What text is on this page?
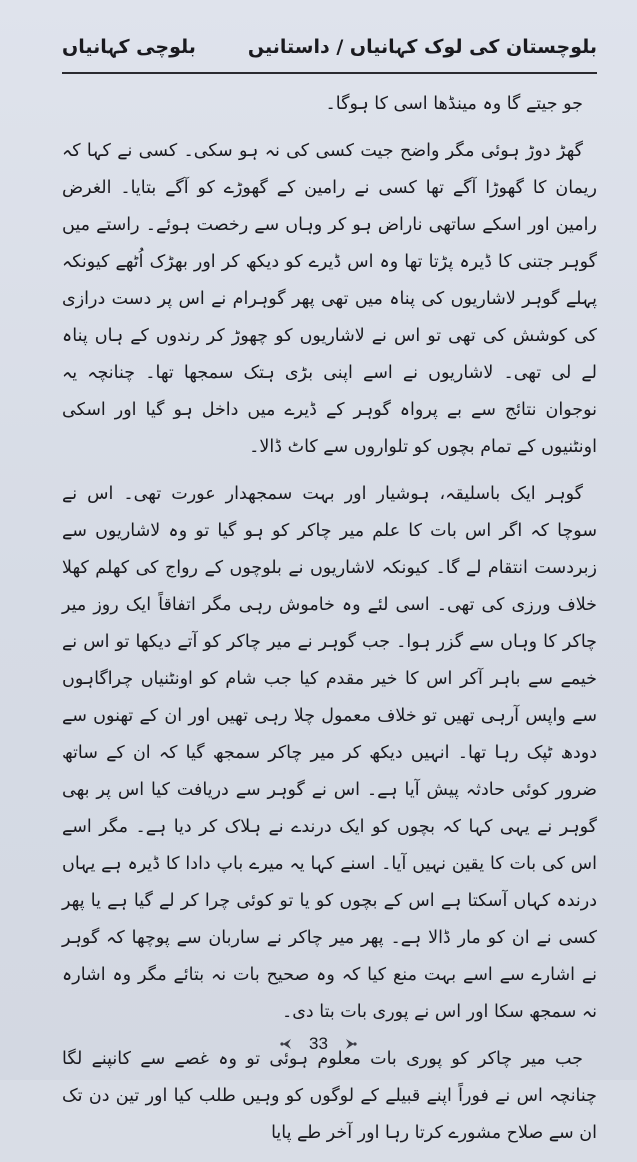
بلوچستان کی لوک کہانیاں / داستانیں
بلوچی کہانیاں

جو جیتے گا وہ مینڈھا اسی کا ہوگا۔

گھڑ دوڑ ہوئی مگر واضح جیت کسی کی نہ ہو سکی۔ کسی نے کہا کہ ریمان کا گھوڑا آگے تھا کسی نے رامین کے گھوڑے کو آگے بتایا۔ الغرض رامین اور اسکے ساتھی ناراض ہو کر وہاں سے رخصت ہوئے۔ راستے میں گوہر جتنی کا ڈیرہ پڑتا تھا وہ اس ڈیرے کو دیکھ کر اور بھڑک اُٹھے کیونکہ پہلے گوہر لاشاریوں کی پناہ میں تھی پھر گوہرام نے اس پر دست درازی کی کوشش کی تھی تو اس نے لاشاریوں کو چھوڑ کر رندوں کے ہاں پناہ لے لی تھی۔ لاشاریوں نے اسے اپنی بڑی ہتک سمجھا تھا۔ چنانچہ یہ نوجوان نتائج سے بے پرواہ گوہر کے ڈیرے میں داخل ہو گیا اور اسکی اونٹنیوں کے تمام بچوں کو تلواروں سے کاٹ ڈالا۔

گوہر ایک باسلیقہ، ہوشیار اور بہت سمجھدار عورت تھی۔ اس نے سوچا کہ اگر اس بات کا علم میر چاکر کو ہو گیا تو وہ لاشاریوں سے زبردست انتقام لے گا۔ کیونکہ لاشاریوں نے بلوچوں کے رواج کی کھلم کھلا خلاف ورزی کی تھی۔ اسی لئے وہ خاموش رہی مگر اتفاقاً ایک روز میر چاکر کا وہاں سے گزر ہوا۔ جب گوہر نے میر چاکر کو آتے دیکھا تو اس نے خیمے سے باہر آکر اس کا خیر مقدم کیا جب شام کو اونٹنیاں چراگاہوں سے واپس آرہی تھیں تو خلاف معمول چلا رہی تھیں اور ان کے تھنوں سے دودھ ٹپک رہا تھا۔ انہیں دیکھ کر میر چاکر سمجھ گیا کہ ان کے ساتھ ضرور کوئی حادثہ پیش آیا ہے۔ اس نے گوہر سے دریافت کیا اس پر بھی گوہر نے یہی کہا کہ بچوں کو ایک درندے نے ہلاک کر دیا ہے۔ مگر اسے اس کی بات کا یقین نہیں آیا۔ اسنے کہا یہ میرے باپ دادا کا ڈیرہ ہے یہاں درندہ کہاں آسکتا ہے اس کے بچوں کو یا تو کوئی چرا کر لے گیا ہے یا پھر کسی نے ان کو مار ڈالا ہے۔ پھر میر چاکر نے ساربان سے پوچھا کہ گوہر نے اشارے سے اسے بہت منع کیا کہ وہ صحیح بات نہ بتائے مگر وہ اشارہ نہ سمجھ سکا اور اس نے پوری بات بتا دی۔

جب میر چاکر کو پوری بات معلوم ہوئی تو وہ غصے سے کانپنے لگا چنانچہ اس نے فوراً اپنے قبیلے کے لوگوں کو وہیں طلب کیا اور تین دن تک ان سے صلاح مشورے کرتا رہا اور آخر طے پایا

33
